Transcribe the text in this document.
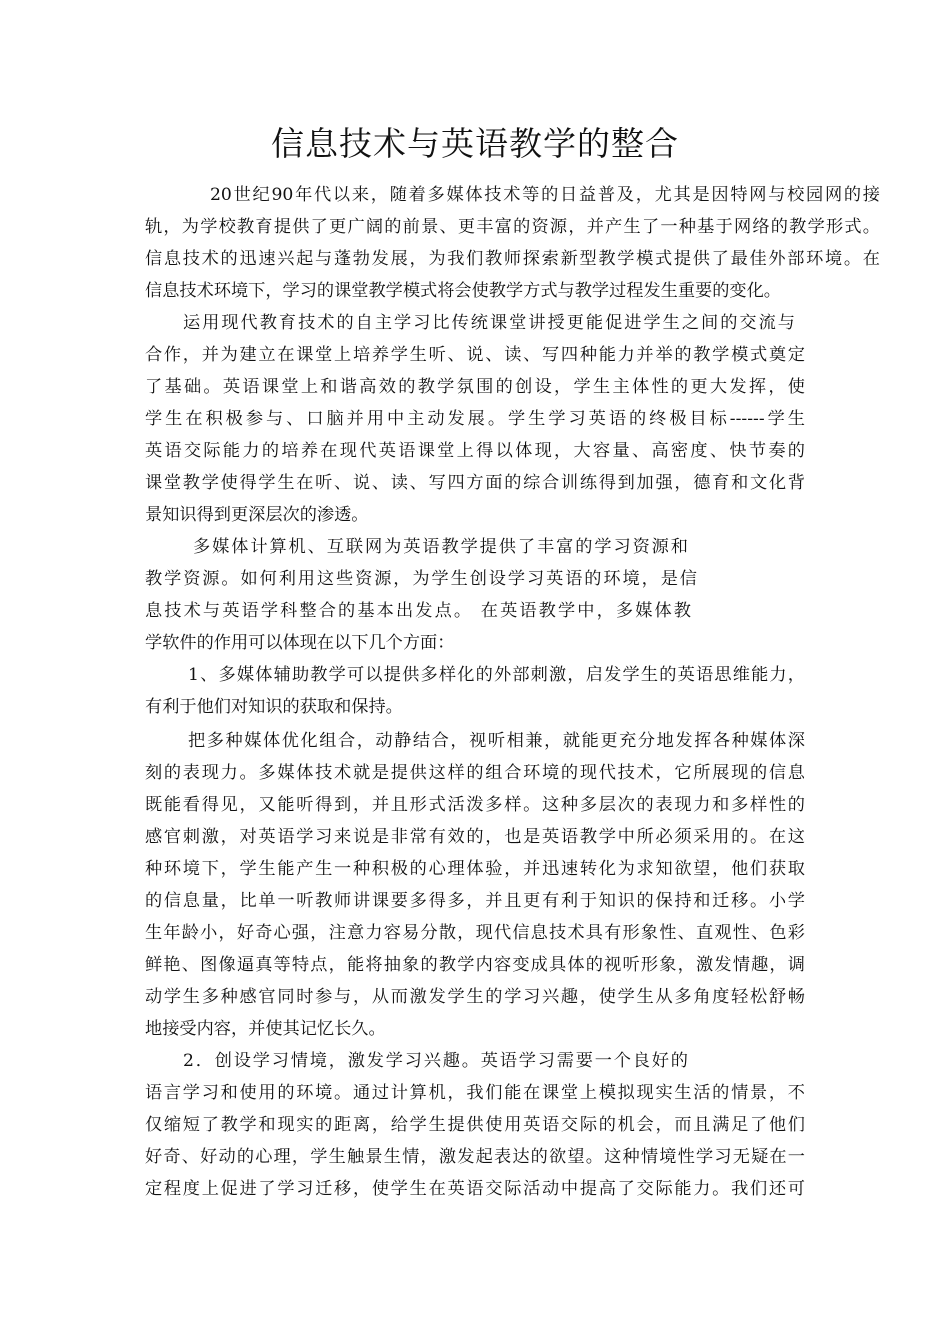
信息技术与英语教学的整合

20世纪90年代以来，随着多媒体技术等的日益普及，尤其是因特网与校园网的接

轨，为学校教育提供了更广阔的前景、更丰富的资源，并产生了一种基于网络的教学形式。

信息技术的迅速兴起与蓬勃发展，为我们教师探索新型教学模式提供了最佳外部环境。在

信息技术环境下，学习的课堂教学模式将会使教学方式与教学过程发生重要的变化。

运用现代教育技术的自主学习比传统课堂讲授更能促进学生之间的交流与

合作，并为建立在课堂上培养学生听、说、读、写四种能力并举的教学模式奠定

了基础。英语课堂上和谐高效的教学氛围的创设，学生主体性的更大发挥，使

学生在积极参与、口脑并用中主动发展。学生学习英语的终极目标------学生

英语交际能力的培养在现代英语课堂上得以体现，大容量、高密度、快节奏的

课堂教学使得学生在听、说、读、写四方面的综合训练得到加强，德育和文化背

景知识得到更深层次的渗透。

多媒体计算机、互联网为英语教学提供了丰富的学习资源和

教学资源。如何利用这些资源，为学生创设学习英语的环境，是信

息技术与英语学科整合的基本出发点。 在英语教学中，多媒体教

学软件的作用可以体现在以下几个方面：

1、多媒体辅助教学可以提供多样化的外部刺激，启发学生的英语思维能力，

有利于他们对知识的获取和保持。

把多种媒体优化组合，动静结合，视听相兼，就能更充分地发挥各种媒体深

刻的表现力。多媒体技术就是提供这样的组合环境的现代技术，它所展现的信息

既能看得见，又能听得到，并且形式活泼多样。这种多层次的表现力和多样性的

感官刺激，对英语学习来说是非常有效的，也是英语教学中所必须采用的。在这

种环境下，学生能产生一种积极的心理体验，并迅速转化为求知欲望，他们获取

的信息量，比单一听教师讲课要多得多，并且更有利于知识的保持和迁移。小学

生年龄小，好奇心强，注意力容易分散，现代信息技术具有形象性、直观性、色彩

鲜艳、图像逼真等特点，能将抽象的教学内容变成具体的视听形象，激发情趣，调

动学生多种感官同时参与，从而激发学生的学习兴趣，使学生从多角度轻松舒畅

地接受内容，并使其记忆长久。

2．创设学习情境，激发学习兴趣。英语学习需要一个良好的

语言学习和使用的环境。通过计算机，我们能在课堂上模拟现实生活的情景，不

仅缩短了教学和现实的距离，给学生提供使用英语交际的机会，而且满足了他们

好奇、好动的心理，学生触景生情，激发起表达的欲望。这种情境性学习无疑在一

定程度上促进了学习迁移，使学生在英语交际活动中提高了交际能力。我们还可
